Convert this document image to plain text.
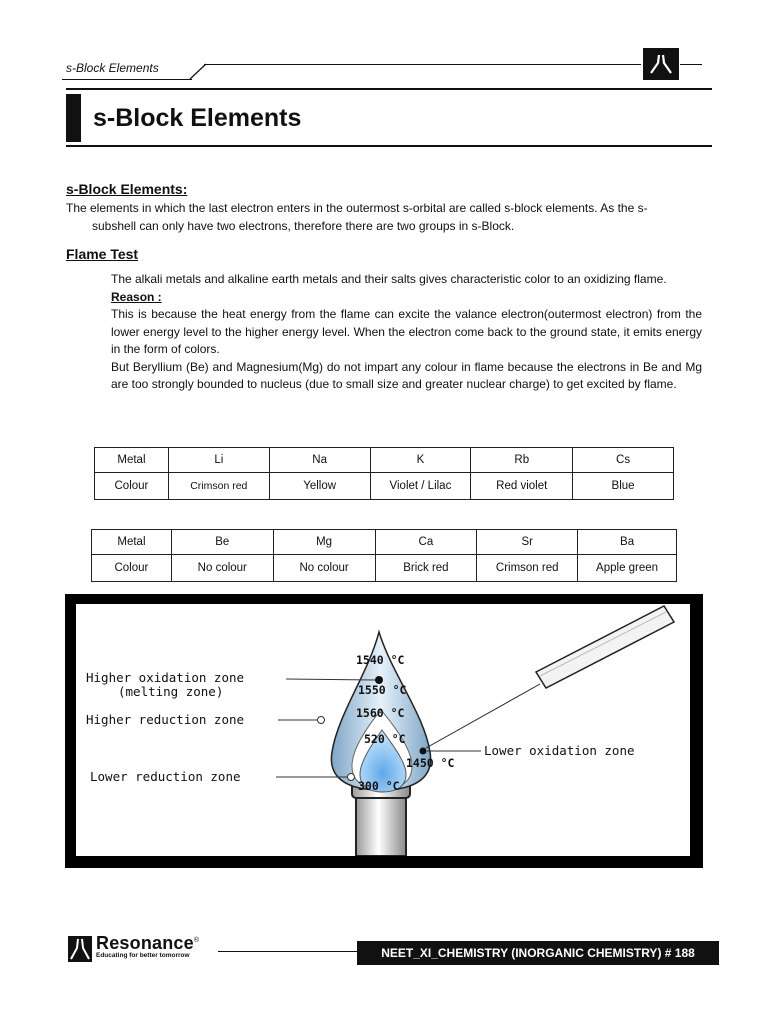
s-Block Elements
八
s-Block Elements
s-Block Elements:
The elements in which the last electron enters in the outermost s-orbital are called s-block elements. As the s-
subshell can only have two electrons, therefore there are two groups in s-Block.
Flame Test
The alkali metals and alkaline earth metals and their salts gives characteristic color to an oxidizing flame.
Reason :
This is because the heat energy from the flame can excite the valance electron(outermost electron) from the lower energy level to the higher energy level. When the electron come back to the ground state, it emits energy in the form of colors.
But Beryllium (Be) and Magnesium(Mg) do not impart any colour in flame because the electrons in Be and Mg are too strongly bounded to nucleus (due to small size and greater nuclear charge) to get excited by flame.
Metal	Li	Na	K	Rb	Cs
Colour	Crimson red	Yellow	Violet / Lilac	Red violet	Blue
Metal	Be	Mg	Ca	Sr	Ba
Colour	No colour	No colour	Brick red	Crimson red	Apple green
Higher oxidation zone
(melting zone)
Higher reduction zone
Lower reduction zone
Lower oxidation zone
1540 °C
1550 °C
1560 °C
520 °C
1450 °C
300 °C
Resonance®
Educating for better tomorrow	NEET_XI_CHEMISTRY (INORGANIC CHEMISTRY) # 188
